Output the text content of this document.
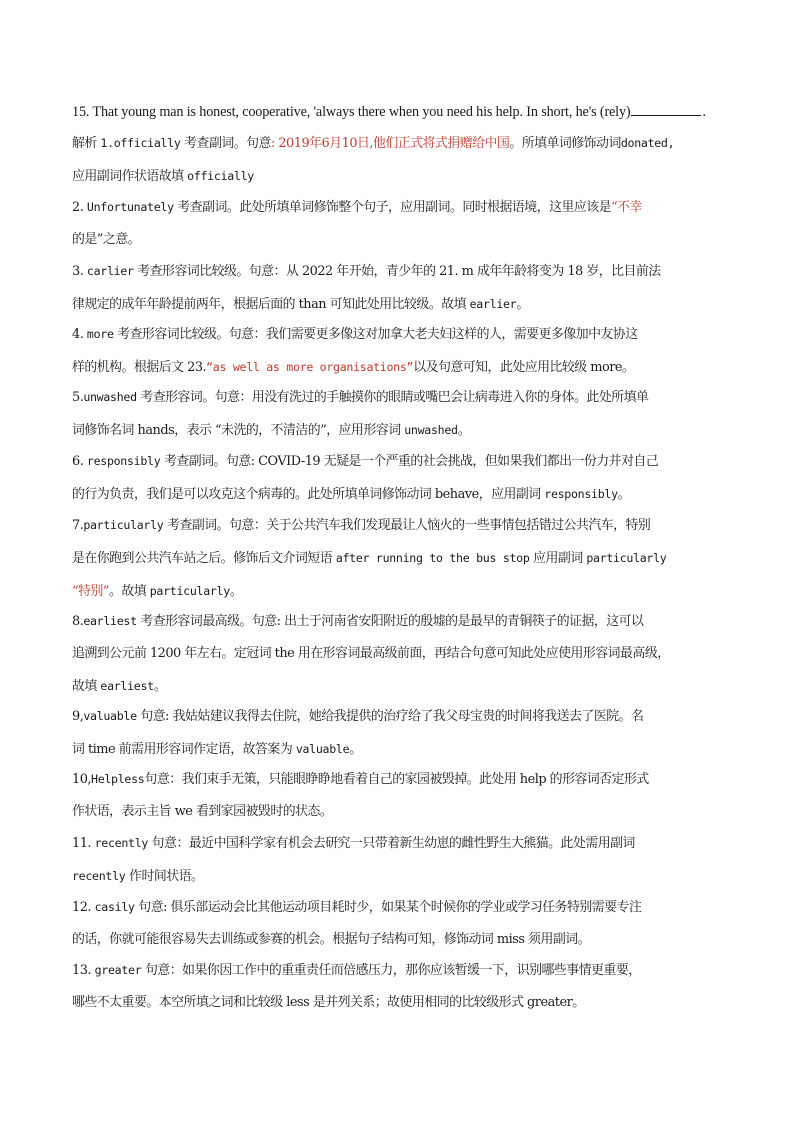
15. That young man is honest, cooperative, 'always there when you need his help. In short, he's (rely)	.
解析 1.officially 考查副词。句意: 2019年6月10日,他们正式将式捐赠给中国。所填单词修饰动词donated,
应用副词作状语故填 officially
2. Unfortunately 考查副词。此处所填单词修饰整个句子，应用副词。同时根据语境，这里应该是“不幸
的是”之意。
3. carlier 考查形容词比较级。句意：从 2022 年开始，青少年的 21. m 成年年龄将变为 18 岁，比目前法
律规定的成年年龄提前两年，根据后面的 than 可知此处用比较级。故填 earlier。
4. more 考查形容词比较级。句意：我们需要更多像这对加拿大老夫妇这样的人，需要更多像加中友协这
样的机构。根据后文 23.“as well as more organisations”以及句意可知，此处应用比较级 more。
5.unwashed 考查形容词。句意：用没有洗过的手触摸你的眼睛或嘴巴会让病毒进入你的身体。此处所填单
词修饰名词 hands，表示 “未洗的，不清洁的”，应用形容词 unwashed。
6. responsibly 考查副词。句意: COVID-19 无疑是一个严重的社会挑战，但如果我们都出一份力并对自己
的行为负责，我们是可以攻克这个病毒的。此处所填单词修饰动词 behave，应用副词 responsibly。
7.particularly 考查副词。句意：关于公共汽车我们发现最让人恼火的一些事情包括错过公共汽车，特别
是在你跑到公共汽车站之后。修饰后文介词短语 after running to the bus stop 应用副词 particularly
“特别”。故填 particularly。
8.earliest 考查形容词最高级。句意: 出土于河南省安阳附近的殷墟的是最早的青铜筷子的证据，这可以
追溯到公元前 1200 年左右。定冠词 the 用在形容词最高级前面，再结合句意可知此处应使用形容词最高级，
故填 earliest。
9,valuable 句意: 我姑姑建议我得去住院，她给我提供的治疗给了我父母宝贵的时间将我送去了医院。名
词 time 前需用形容词作定语，故答案为 valuable。
10,Helpless句意：我们束手无策，只能眼睁睁地看着自己的家园被毁掉。此处用 help 的形容词否定形式
作状语，表示主旨 we 看到家园被毁时的状态。
11. recently 句意：最近中国科学家有机会去研究一只带着新生幼崽的雌性野生大熊猫。此处需用副词
recently 作时间状语。
12. casily 句意: 俱乐部运动会比其他运动项目耗时少，如果某个时候你的学业或学习任务特别需要专注
的话，你就可能很容易失去训练或参赛的机会。根据句子结构可知，修饰动词 miss 须用副词。
13. greater 句意：如果你因工作中的重重责任而倍感压力，那你应该暂缓一下，识别哪些事情更重要，
哪些不太重要。本空所填之词和比较级 less 是并列关系；故使用相同的比较级形式 greater。
